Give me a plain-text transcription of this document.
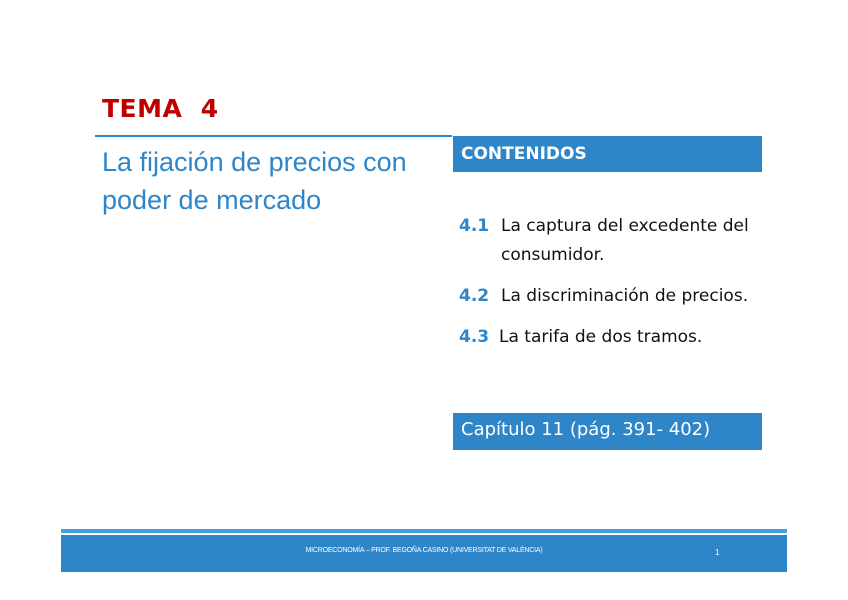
TEMA  4
La fijación de precios con poder de mercado
CONTENIDOS
4.1 La captura del excedente del consumidor.
4.2 La discriminación de precios.
4.3 La tarifa de dos tramos.
Capítulo 11 (pág. 391- 402)
MICROECONOMÍA – PROF. BEGOÑA CASINO (UNIVERSITAT DE VALÈNCIA)	1
